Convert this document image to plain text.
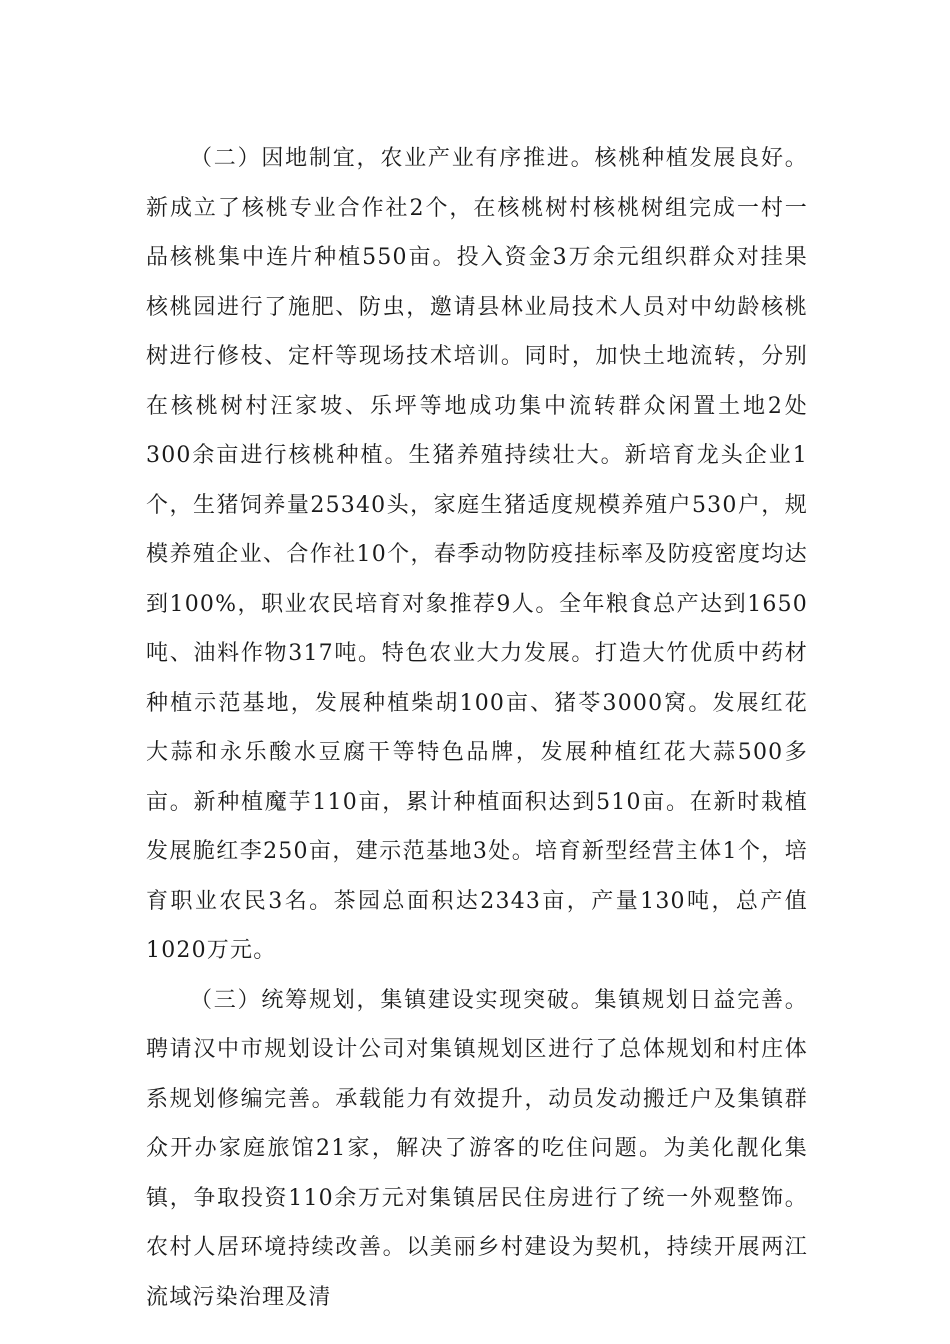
（二）因地制宜，农业产业有序推进。核桃种植发展良好。新成立了核桃专业合作社2个，在核桃树村核桃树组完成一村一品核桃集中连片种植550亩。投入资金3万余元组织群众对挂果核桃园进行了施肥、防虫，邀请县林业局技术人员对中幼龄核桃树进行修枝、定杆等现场技术培训。同时，加快土地流转，分别在核桃树村汪家坡、乐坪等地成功集中流转群众闲置土地2处300余亩进行核桃种植。生猪养殖持续壮大。新培育龙头企业1个，生猪饲养量25340头，家庭生猪适度规模养殖户530户，规模养殖企业、合作社10个，春季动物防疫挂标率及防疫密度均达到100%，职业农民培育对象推荐9人。全年粮食总产达到1650吨、油料作物317吨。特色农业大力发展。打造大竹优质中药材种植示范基地，发展种植柴胡100亩、猪苓3000窝。发展红花大蒜和永乐酸水豆腐干等特色品牌，发展种植红花大蒜500多亩。新种植魔芋110亩，累计种植面积达到510亩。在新时栽植发展脆红李250亩，建示范基地3处。培育新型经营主体1个，培育职业农民3名。茶园总面积达2343亩，产量130吨，总产值1020万元。

（三）统筹规划，集镇建设实现突破。集镇规划日益完善。聘请汉中市规划设计公司对集镇规划区进行了总体规划和村庄体系规划修编完善。承载能力有效提升，动员发动搬迁户及集镇群众开办家庭旅馆21家，解决了游客的吃住问题。为美化靓化集镇，争取投资110余万元对集镇居民住房进行了统一外观整饰。农村人居环境持续改善。以美丽乡村建设为契机，持续开展两江流域污染治理及清
